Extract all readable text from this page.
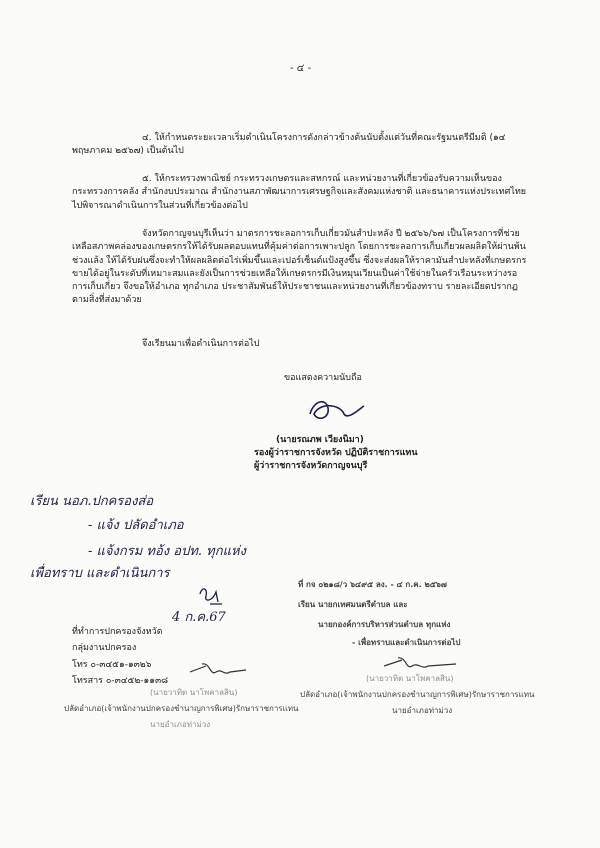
- ๔ -

๔. ให้กำหนดระยะเวลาเริ่มดำเนินโครงการดังกล่าวข้างต้นนับตั้งแต่วันที่คณะรัฐมนตรีมีมติ (๑๔ พฤษภาคม ๒๕๖๗) เป็นต้นไป

๕. ให้กระทรวงพาณิชย์ กระทรวงเกษตรและสหกรณ์ และหน่วยงานที่เกี่ยวข้องรับความเห็นของกระทรวงการคลัง สำนักงบประมาณ สำนักงานสภาพัฒนาการเศรษฐกิจและสังคมแห่งชาติ และธนาคารแห่งประเทศไทย ไปพิจารณาดำเนินการในส่วนที่เกี่ยวข้องต่อไป

จังหวัดกาญจนบุรีเห็นว่า มาตรการชะลอการเก็บเกี่ยวมันสำปะหลัง ปี ๒๕๖๖/๖๗ เป็นโครงการที่ช่วยเหลือสภาพคล่องของเกษตรกรให้ได้รับผลตอบแทนที่คุ้มค่าต่อการเพาะปลูก โดยการชะลอการเก็บเกี่ยวผลผลิตให้ผ่านพ้นช่วงแล้ง ให้ได้รับฝนซึ่งจะทำให้ผลผลิตต่อไร่เพิ่มขึ้นและเปอร์เซ็นต์แป้งสูงขึ้น ซึ่งจะส่งผลให้ราคามันสำปะหลังที่เกษตรกรขายได้อยู่ในระดับที่เหมาะสมและยังเป็นการช่วยเหลือให้เกษตรกรมีเงินหมุนเวียนเป็นค่าใช้จ่ายในครัวเรือนระหว่างรอการเก็บเกี่ยว จึงขอให้อำเภอ ทุกอำเภอ ประชาสัมพันธ์ให้ประชาชนและหน่วยงานที่เกี่ยวข้องทราบ รายละเอียดปรากฏตามสิ่งที่ส่งมาด้วย

จึงเรียนมาเพื่อดำเนินการต่อไป
ขอแสดงความนับถือ
(นายรณภพ เวียงนิมา)
รองผู้ว่าราชการจังหวัด ปฏิบัติราชการแทน
ผู้ว่าราชการจังหวัดกาญจนบุรี
เรียน นอภ.ปกครองส่อ
- แจ้ง ปลัดอำเภอ
- แจ้งกรม ทอ้ง อปท. ทุกแห่ง
เพื่อทราบ และดำเนินการ
4 ก.ค.67
ที่ทำการปกครองจังหวัด
กลุ่มงานปกครอง
โทร ๐-๓๔๕๑-๑๓๒๖
โทรสาร ๐-๓๔๕๒-๑๑๓๘
(นายวาทิต นาโพคาลสิน)
ปลัดอำเภอ(เจ้าพนักงานปกครองชำนาญการพิเศษ)รักษาราชการแทน
นายอำเภอท่าม่วง
ที่ กจ ๐๒๑๘/ว ๖๔๙๕ ลง. - ๔ ก.ค. ๒๕๖๗
เรียน นายกเทศมนตรีตำบล และ
นายกองค์การบริหารส่วนตำบล ทุกแห่ง
- เพื่อทราบและดำเนินการต่อไป
(นายวาทิต นาโพคาลสิน)
ปลัดอำเภอ(เจ้าพนักงานปกครองชำนาญการพิเศษ)รักษาราชการแทน
นายอำเภอท่าม่วง
